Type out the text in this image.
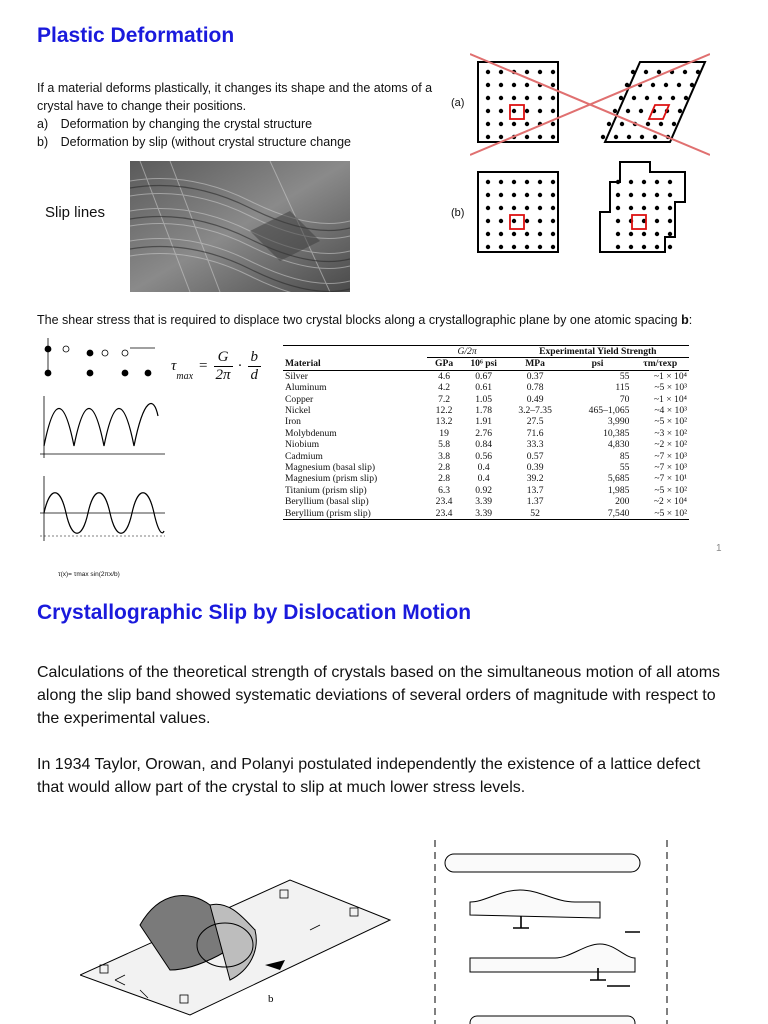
Plastic Deformation
If a material deforms plastically, it changes its shape and the atoms of a crystal have to change their positions.
a) Deformation by changing the crystal structure
b) Deformation by slip (without crystal structure change
Slip lines
(a)
(b)
The shear stress that is required to displace two crystal blocks along a crystallographic plane by one atomic spacing b:
τ(x)= τmax sin(2πx/b)
τ
max
= $\frac{G}{2\pi}$ ·
b
d
	G/2π		Experimental Yield Strength		
Material	GPa	10⁶ psi	MPa	psi	τm/τexp
Silver	4.6	0.67	0.37	55	~1 × 10⁴
Aluminum	4.2	0.61	0.78	115	~5 × 10³
Copper	7.2	1.05	0.49	70	~1 × 10⁴
Nickel	12.2	1.78	3.2–7.35	465–1,065	~4 × 10³
Iron	13.2	1.91	27.5	3,990	~5 × 10²
Molybdenum	19	2.76	71.6	10,385	~3 × 10²
Niobium	5.8	0.84	33.3	4,830	~2 × 10²
Cadmium	3.8	0.56	0.57	85	~7 × 10³
Magnesium (basal slip)	2.8	0.4	0.39	55	~7 × 10³
Magnesium (prism slip)	2.8	0.4	39.2	5,685	~7 × 10¹
Titanium (prism slip)	6.3	0.92	13.7	1,985	~5 × 10²
Beryllium (basal slip)	23.4	3.39	1.37	200	~2 × 10⁴
Beryllium (prism slip)	23.4	3.39	52	7,540	~5 × 10²
1
Crystallographic Slip by Dislocation Motion
Calculations of the theoretical strength of crystals based on the simultaneous motion of all atoms along the slip band showed systematic deviations of several orders of magnitude with respect to the experimental values.
In 1934 Taylor, Orowan, and Polanyi postulated independently the existence of a lattice defect that would allow part of the crystal to slip at much lower stress levels.
b
